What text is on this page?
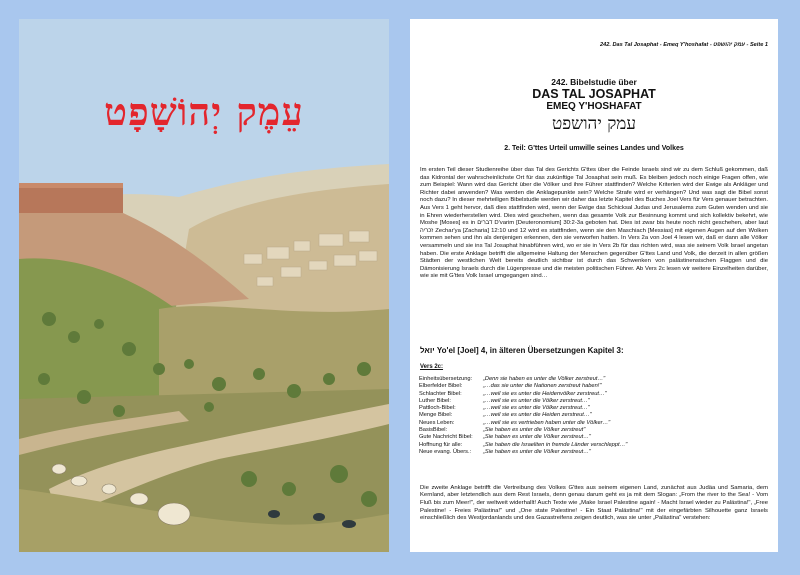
עֵמֶק יְהוֹשָׁפָט
242. Das Tal Josaphat - Emeq Y'hoshafat - עמק יהושפט - Seite 1
242. Bibelstudie über
DAS TAL JOSAPHAT
EMEQ Y'HOSHAFAT
עמק יהושפט
2. Teil: G'ttes Urteil umwille seines Landes und Volkes

Im ersten Teil dieser Studienreihe über das Tal des Gerichts G'ttes über die Feinde Israels sind wir zu dem Schluß gekommen, daß das Kidrontal der wahrscheinlichste Ort für das zukünftige Tal Josaphat sein muß. Es bleiben jedoch noch einige Fragen offen, wie zum Beispiel: Wann wird das Gericht über die Völker und ihre Führer stattfinden? Welche Kriterien wird der Ewige als Ankläger und Richter dabei anwenden? Was werden die Anklagepunkte sein? Welche Strafe wird er verhängen? Und was sagt die Bibel sonst noch dazu? In dieser mehrteiligen Bibelstudie werden wir daher das letzte Kapitel des Buches Joel Vers für Vers genauer betrachten. Aus Vers 1 geht hervor, daß dies stattfinden wird, wenn der Ewige das Schicksal Judas und Jerusalems zum Guten wenden und sie in Ehren wiederherstellen wird. Dies wird geschehen, wenn das gesamte Volk zur Besinnung kommt und sich kollektiv bekehrt, wie Moshe [Moses] es in דברים D'varim [Deuteronomium] 30:2-3a geboten hat. Dies ist zwar bis heute noch nicht geschehen, aber laut זכריה Zechar'ya [Zacharia] 12:10 und 12 wird es stattfinden, wenn sie den Maschiach [Messias] mit eigenen Augen auf den Wolken kommen sehen und ihn als denjenigen erkennen, den sie verworfen hatten. In Vers 2a von Joel 4 lesen wir, daß er dann alle Völker versammeln und sie ins Tal Josaphat hinabführen wird, wo er sie in Vers 2b für das richten wird, was sie seinem Volk Israel angetan haben. Die erste Anklage betrifft die allgemeine Haltung der Menschen gegenüber G'ttes Land und Volk, die derzeit in allen größen Städten der westlichen Welt bereits deutlich sichtbar ist durch das Schwenken von palästinensischen Flaggen und die Dämonisierung Israels durch die Lügenpresse und die meisten politischen Führer. Ab Vers 2c lesen wir weitere Einzelheiten darüber, wie sie mit G'ttes Volk Israel umgegangen sind…

יואל Yo'el [Joel] 4, in älteren Übersetzungen Kapitel 3:
Vers 2c:
Einheitsübersetzung:	„Denn sie haben es unter die Völker zerstreut…"
Elberfelder Bibel:	„…das sie unter die Nationen zerstreut haben!"
Schlachter Bibel:	„…weil sie es unter die Heidenvölker zerstreut…"
Luther Bibel:	„…weil sie es unter die Völker zerstreut…"
Pattloch-Bibel:	„…weil sie es unter die Völker zerstreut…"
Menge Bibel:	„…weil sie es unter die Heiden zerstreut…"
Neues Leben:	„…weil sie es vertrieben haben unter die Völker…"
BasisBibel:	„Sie haben es unter die Völker zerstreut"
Gute Nachricht Bibel:	„Sie haben es unter die Völker zerstreut…"
Hoffnung für alle:	„Sie haben die Israeliten in fremde Länder verschleppt…"
Neue evang. Übers.:	„Sie haben es unter die Völker zerstreut…"

Die zweite Anklage betrifft die Vertreibung des Volkes G'ttes aus seinem eigenen Land, zunächst aus Judäa und Samaria, dem Kernland, aber letztendlich aus dem Rest Israels, denn genau darum geht es ja mit dem Slogan: „From the river to the Sea! - Vom Fluß bis zum Meer!", der weltweit widerhallt! Auch Texte wie „Make Israel Palestine again! - Macht Israel wieder zu Palästina!", „Free Palestine! - Freies Palästina!" und „One state Palestine! - Ein Staat Palästina!" mit der eingefärbten Silhouette ganz Israels einschließlich des Westjordanlands und des Gazastreifens zeigen deutlich, was sie unter „Palästina" verstehen:
